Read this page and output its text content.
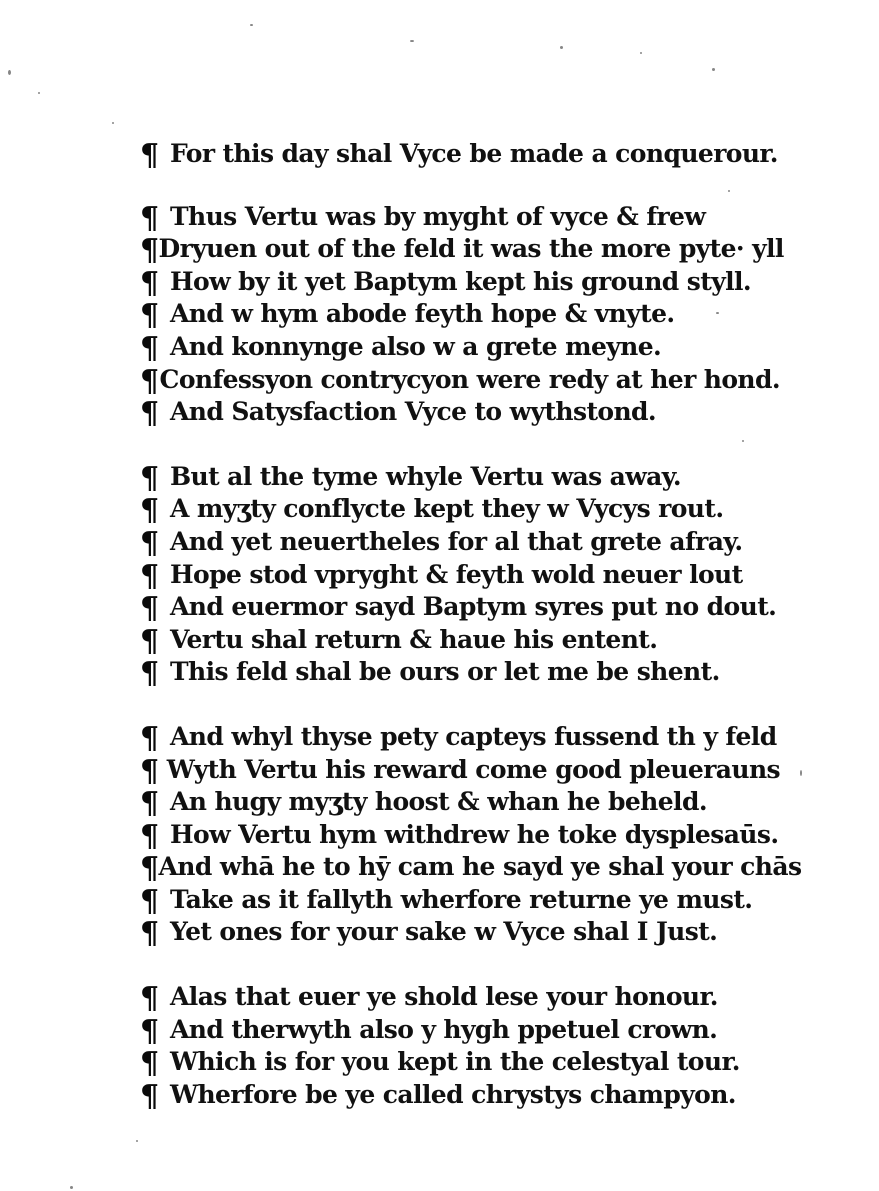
¶ For this day shal Vyce be made a conquerour.
¶ Thus Vertu was by myght of vyce & frew
¶ Dryuen out of the feld it was the more pyte· yll
¶ How by it yet Baptym kept his ground styll.
¶ And w hym abode feyth hope & vnyte.
¶ And konnynge also w a grete meyne.
¶ Confessyon contrycyon were redy at her hond.
¶ And Satysfaction Vyce to wythstond.
¶ But al the tyme whyle Vertu was away.
¶ A myʒty conflycte kept they w Vycys rout.
¶ And yet neuertheles for al that grete afray.
¶ Hope stod vpryght & feyth wold neuer lout
¶ And euermor sayd Baptym syres put no dout.
¶ Vertu shal return & haue his entent.
¶ This feld shal be ours or let me be shent.
¶ And whyl thyse pety capteys fussend th y feld
¶ Wyth Vertu his reward come good pleuerauns
¶ An hugy myʒty hoost & whan he beheld.
¶ How Vertu hym withdrew he toke dysplesaūs.
¶ And whā he to hȳ cam he sayd ye shal your chās
¶ Take as it fallyth wherfore returne ye must.
¶ Yet ones for your sake w Vyce shal I Just.
¶ Alas that euer ye shold lese your honour.
¶ And therwyth also y hygh ppetuel crown.
¶ Which is for you kept in the celestyal tour.
¶ Wherfore be ye called chrystys champyon.
